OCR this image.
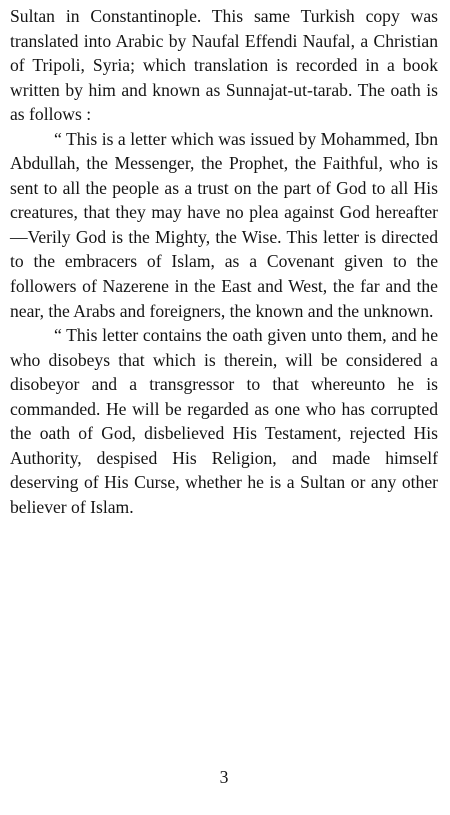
Sultan in Constantinople. This same Turkish copy was translated into Arabic by Naufal Effendi Naufal, a Christian of Tripoli, Syria; which translation is recorded in a book written by him and known as Sunnajat-ut-tarab. The oath is as follows :

“ This is a letter which was issued by Mohammed, Ibn Abdullah, the Messenger, the Prophet, the Faithful, who is sent to all the people as a trust on the part of God to all His creatures, that they may have no plea against God hereafter—Verily God is the Mighty, the Wise. This letter is directed to the embracers of Islam, as a Covenant given to the followers of Nazerene in the East and West, the far and the near, the Arabs and foreigners, the known and the unknown.

“ This letter contains the oath given unto them, and he who disobeys that which is therein, will be considered a disobeyor and a transgressor to that whereunto he is commanded. He will be regarded as one who has corrupted the oath of God, disbelieved His Testament, rejected His Authority, despised His Religion, and made himself deserving of His Curse, whether he is a Sultan or any other believer of Islam.

3
